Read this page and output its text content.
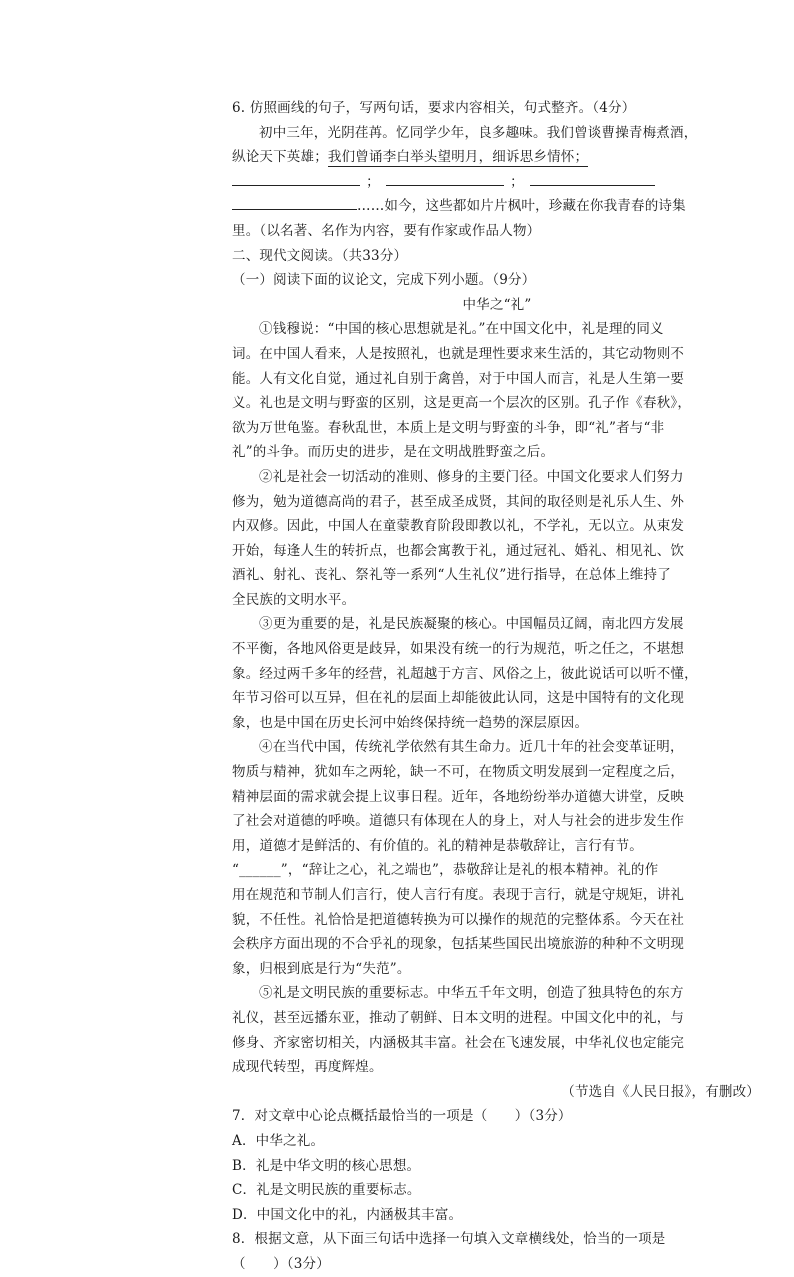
6. 仿照画线的句子，写两句话，要求内容相关，句式整齐。（4分）
初中三年，光阴荏苒。忆同学少年，良多趣味。我们曾谈曹操青梅煮酒，
纵论天下英雄；我们曾诵李白举头望明月，细诉思乡情怀；
；	；
……如今，这些都如片片枫叶，珍藏在你我青春的诗集
里。（以名著、名作为内容，要有作家或作品人物）
二、现代文阅读。（共33分）
（一）阅读下面的议论文，完成下列小题。（9分）
中华之“礼”
①钱穆说：“中国的核心思想就是礼。”在中国文化中，礼是理的同义
词。在中国人看来，人是按照礼，也就是理性要求来生活的，其它动物则不
能。人有文化自觉，通过礼自别于禽兽，对于中国人而言，礼是人生第一要
义。礼也是文明与野蛮的区别，这是更高一个层次的区别。孔子作《春秋》，
欲为万世龟鉴。春秋乱世，本质上是文明与野蛮的斗争，即“礼”者与“非
礼”的斗争。而历史的进步，是在文明战胜野蛮之后。
②礼是社会一切活动的准则、修身的主要门径。中国文化要求人们努力
修为，勉为道德高尚的君子，甚至成圣成贤，其间的取径则是礼乐人生、外
内双修。因此，中国人在童蒙教育阶段即教以礼，不学礼，无以立。从束发
开始，每逢人生的转折点，也都会寓教于礼，通过冠礼、婚礼、相见礼、饮
酒礼、射礼、丧礼、祭礼等一系列“人生礼仪”进行指导，在总体上维持了
全民族的文明水平。
③更为重要的是，礼是民族凝聚的核心。中国幅员辽阔，南北四方发展
不平衡，各地风俗更是歧异，如果没有统一的行为规范，听之任之，不堪想
象。经过两千多年的经营，礼超越于方言、风俗之上，彼此说话可以听不懂，
年节习俗可以互异，但在礼的层面上却能彼此认同，这是中国特有的文化现
象，也是中国在历史长河中始终保持统一趋势的深层原因。
④在当代中国，传统礼学依然有其生命力。近几十年的社会变革证明，
物质与精神，犹如车之两轮，缺一不可，在物质文明发展到一定程度之后，
精神层面的需求就会提上议事日程。近年，各地纷纷举办道德大讲堂，反映
了社会对道德的呼唤。道德只有体现在人的身上，对人与社会的进步发生作
用，道德才是鲜活的、有价值的。礼的精神是恭敬辞让，言行有节。
“______”，“辞让之心，礼之端也”，恭敬辞让是礼的根本精神。礼的作
用在规范和节制人们言行，使人言行有度。表现于言行，就是守规矩，讲礼
貌，不任性。礼恰恰是把道德转换为可以操作的规范的完整体系。今天在社
会秩序方面出现的不合乎礼的现象，包括某些国民出境旅游的种种不文明现
象，归根到底是行为“失范”。
⑤礼是文明民族的重要标志。中华五千年文明，创造了独具特色的东方
礼仪，甚至远播东亚，推动了朝鲜、日本文明的进程。中国文化中的礼，与
修身、齐家密切相关，内涵极其丰富。社会在飞速发展，中华礼仪也定能完
成现代转型，再度辉煌。
（节选自《人民日报》，有删改）
7．对文章中心论点概括最恰当的一项是（　　）（3分）
A．中华之礼。
B．礼是中华文明的核心思想。
C．礼是文明民族的重要标志。
D．中国文化中的礼，内涵极其丰富。
8．根据文意，从下面三句话中选择一句填入文章横线处，恰当的一项是
（　　）（3分）
